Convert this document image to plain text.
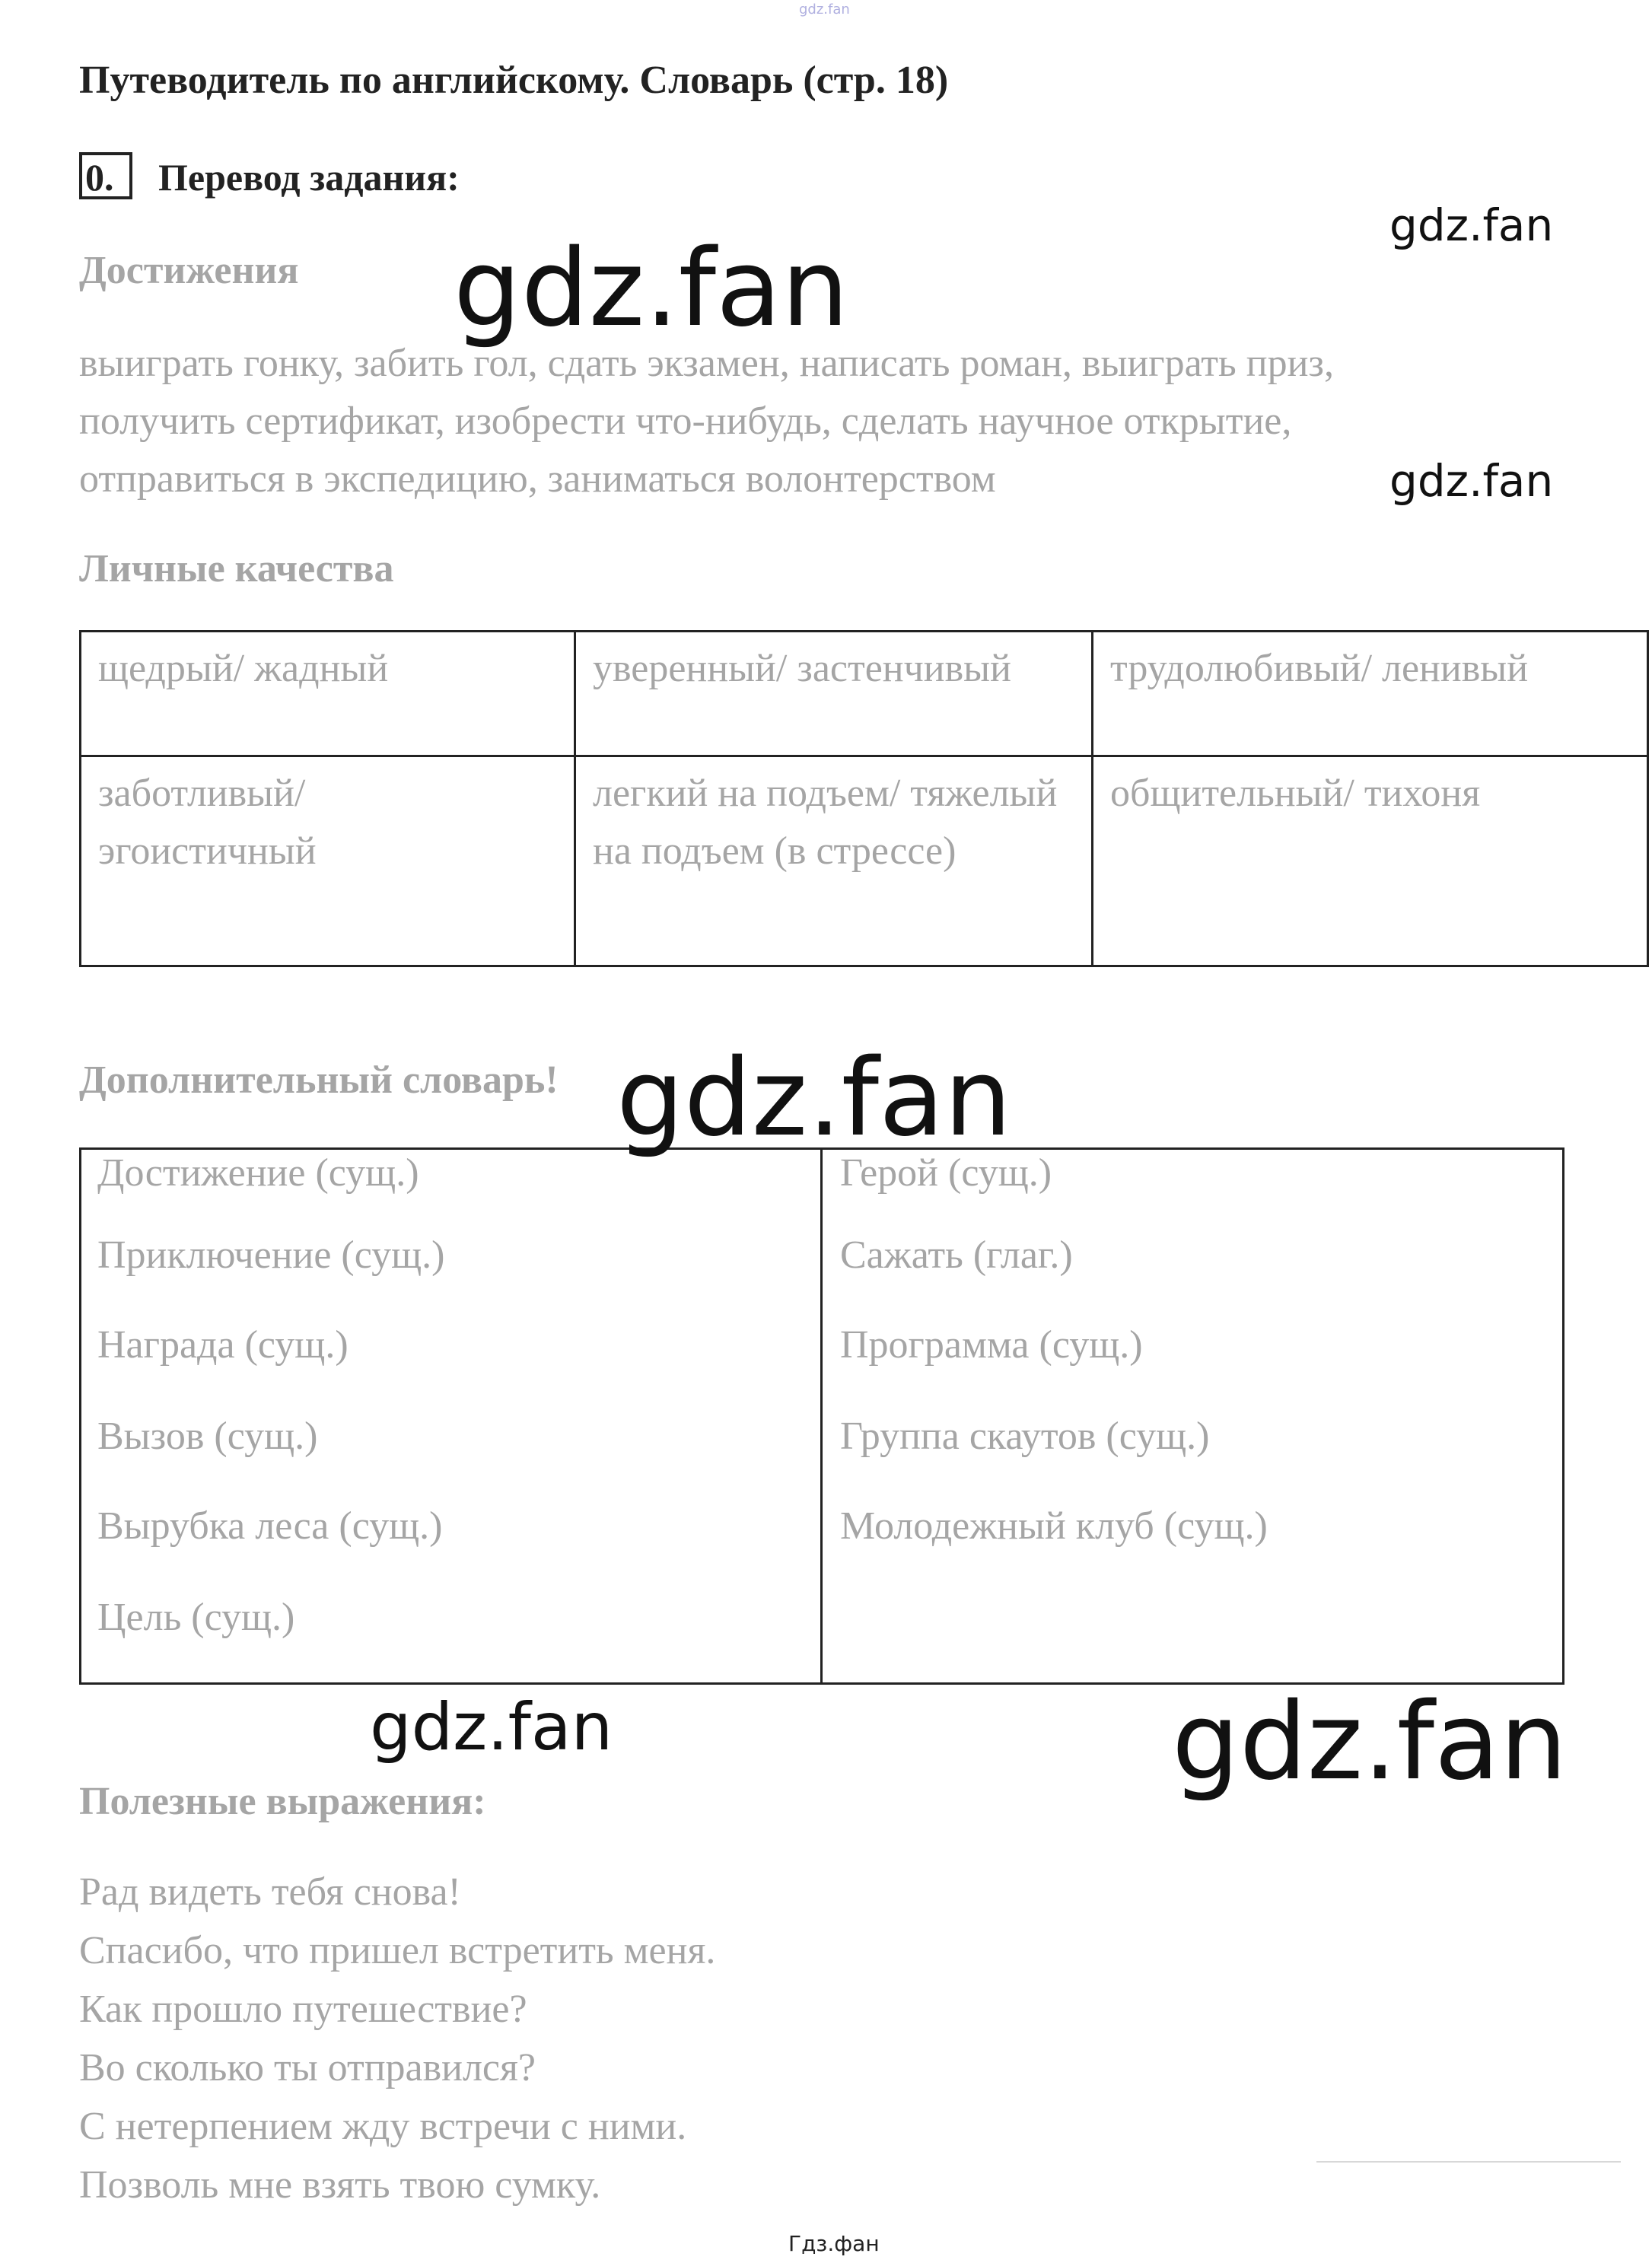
gdz.fan
Путеводитель по английскому. Словарь (стр. 18)
0. Перевод задания:
Достижения
выиграть гонку, забить гол, сдать экзамен, написать роман, выиграть приз,
получить сертификат, изобрести что-нибудь, сделать научное открытие,
отправиться в экспедицию, заниматься волонтерством
Личные качества
щедрый/ жадный	уверенный/ застенчивый	трудолюбивый/ ленивый
заботливый/ эгоистичный	легкий на подъем/ тяжелый на подъем (в стрессе)	общительный/ тихоня
Дополнительный словарь!
Достижение (сущ.)
Приключение (сущ.)
Награда (сущ.)
Вызов (сущ.)
Вырубка леса (сущ.)
Цель (сущ.)
Герой (сущ.)
Сажать (глаг.)
Программа (сущ.)
Группа скаутов (сущ.)
Молодежный клуб (сущ.)
Полезные выражения:
Рад видеть тебя снова!
Спасибо, что пришел встретить меня.
Как прошло путешествие?
Во сколько ты отправился?
С нетерпением жду встречи с ними.
Позволь мне взять твою сумку.
gdz.fan
gdz.fan
gdz.fan
gdz.fan
gdz.fan	gdz.fan
Гдз.фан
